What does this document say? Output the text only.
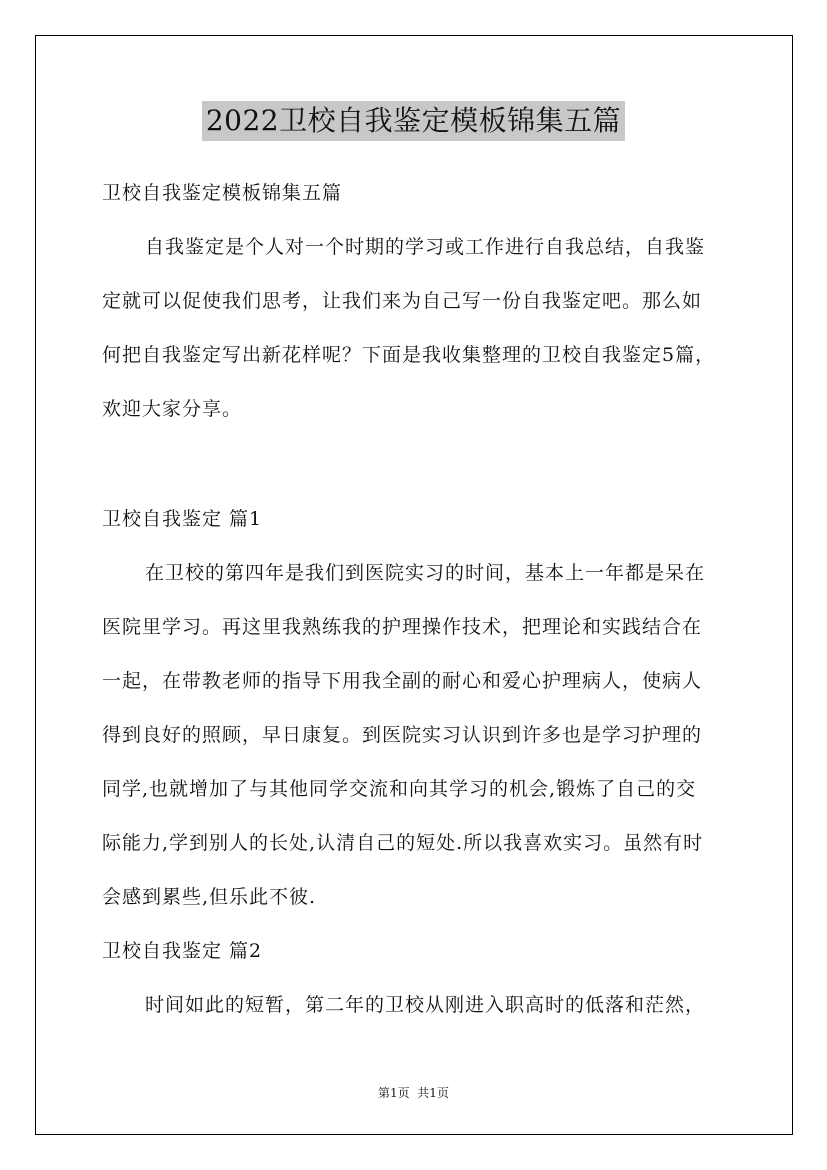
2022卫校自我鉴定模板锦集五篇
卫校自我鉴定模板锦集五篇
自我鉴定是个人对一个时期的学习或工作进行自我总结，自我鉴
定就可以促使我们思考，让我们来为自己写一份自我鉴定吧。那么如
何把自我鉴定写出新花样呢？下面是我收集整理的卫校自我鉴定5篇，
欢迎大家分享。
卫校自我鉴定 篇1
在卫校的第四年是我们到医院实习的时间，基本上一年都是呆在
医院里学习。再这里我熟练我的护理操作技术，把理论和实践结合在
一起，在带教老师的指导下用我全副的耐心和爱心护理病人，使病人
得到良好的照顾，早日康复。到医院实习认识到许多也是学习护理的
同学,也就增加了与其他同学交流和向其学习的机会,锻炼了自己的交
际能力,学到别人的长处,认清自己的短处.所以我喜欢实习。虽然有时
会感到累些,但乐此不彼.
卫校自我鉴定 篇2
时间如此的短暂，第二年的卫校从刚进入职高时的低落和茫然，
第1页  共1页
